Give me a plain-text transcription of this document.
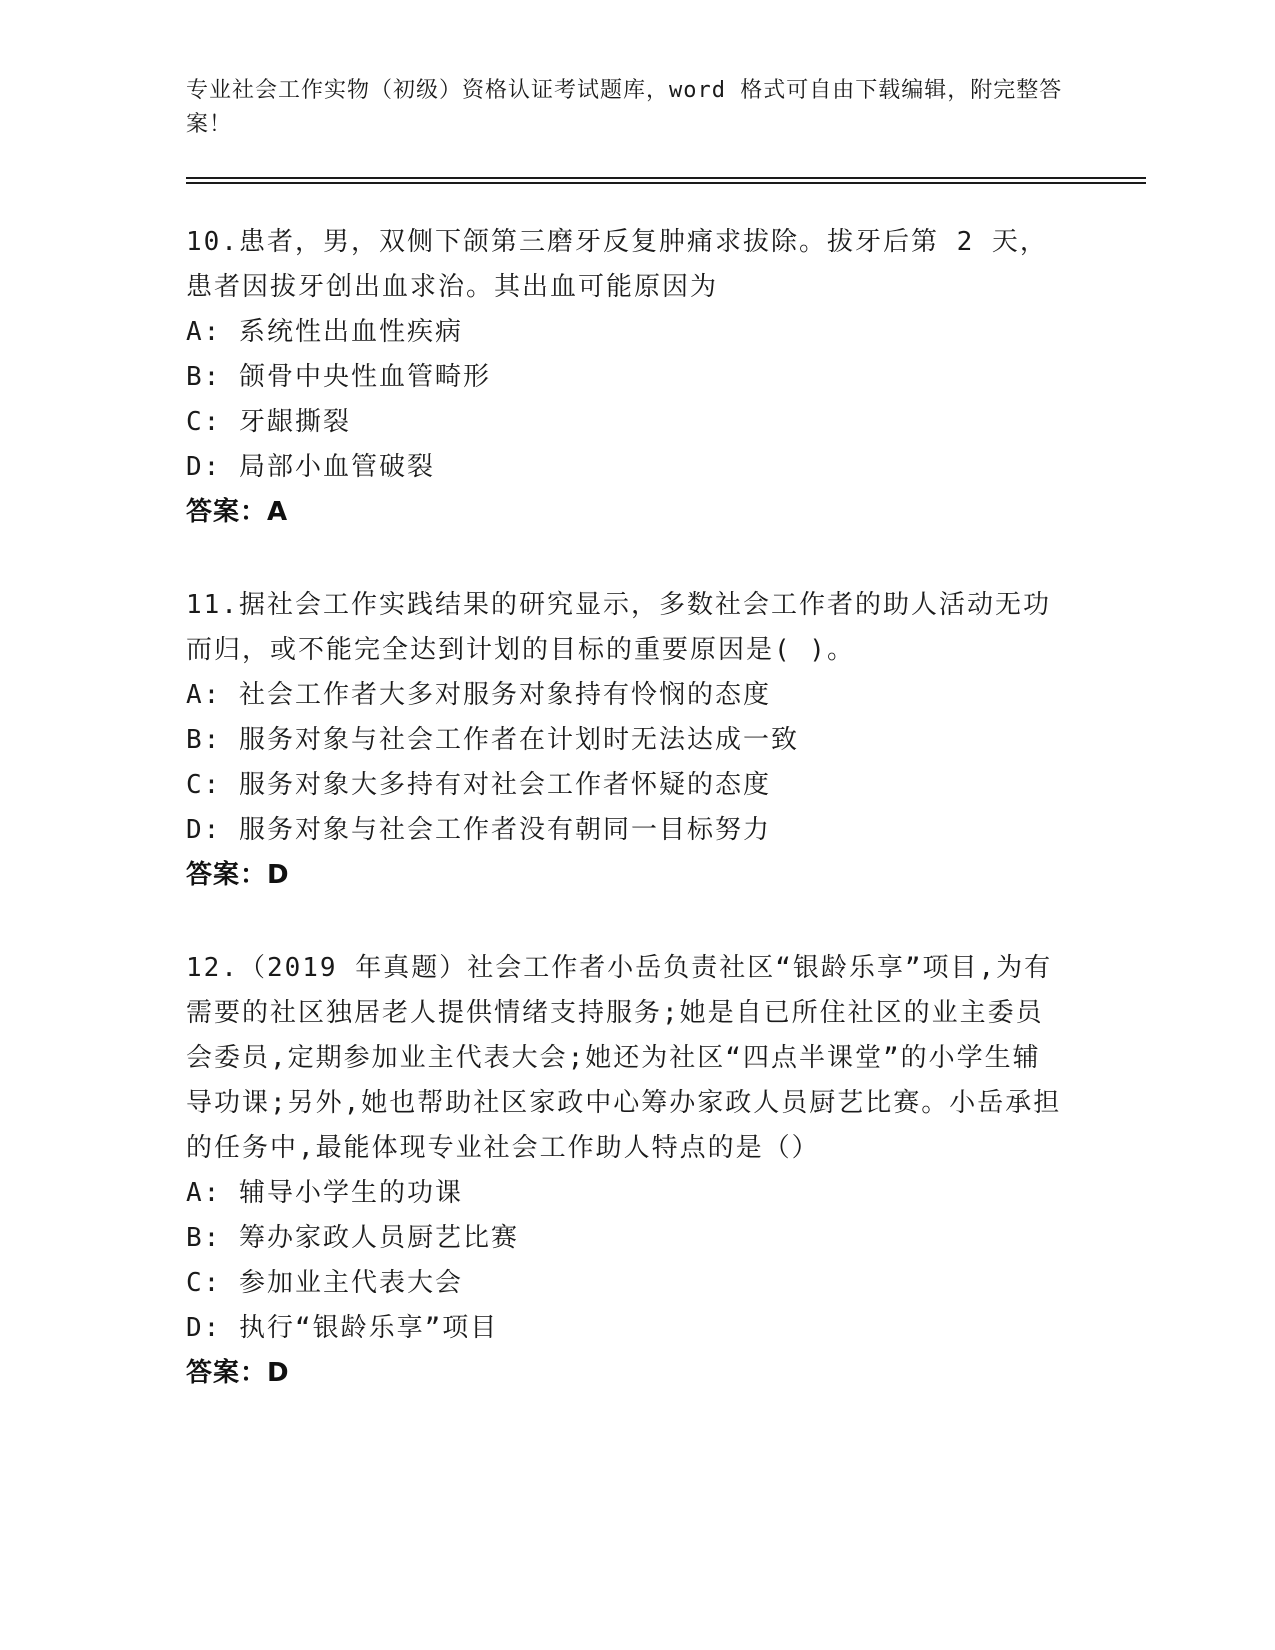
专业社会工作实物（初级）资格认证考试题库，word 格式可自由下载编辑，附完整答案！

10.患者，男，双侧下颌第三磨牙反复肿痛求拔除。拔牙后第 2 天，患者因拔牙创出血求治。其出血可能原因为

A: 系统性出血性疾病

B: 颌骨中央性血管畸形

C: 牙龈撕裂

D: 局部小血管破裂

答案：A

11.据社会工作实践结果的研究显示，多数社会工作者的助人活动无功而归，或不能完全达到计划的目标的重要原因是( )。

A: 社会工作者大多对服务对象持有怜悯的态度

B: 服务对象与社会工作者在计划时无法达成一致

C: 服务对象大多持有对社会工作者怀疑的态度

D: 服务对象与社会工作者没有朝同一目标努力

答案：D

12.（2019 年真题）社会工作者小岳负责社区“银龄乐享”项目,为有需要的社区独居老人提供情绪支持服务;她是自已所住社区的业主委员会委员,定期参加业主代表大会;她还为社区“四点半课堂”的小学生辅导功课;另外,她也帮助社区家政中心筹办家政人员厨艺比赛。小岳承担的任务中,最能体现专业社会工作助人特点的是（）

A: 辅导小学生的功课

B: 筹办家政人员厨艺比赛

C: 参加业主代表大会

D: 执行“银龄乐享”项目

答案：D
